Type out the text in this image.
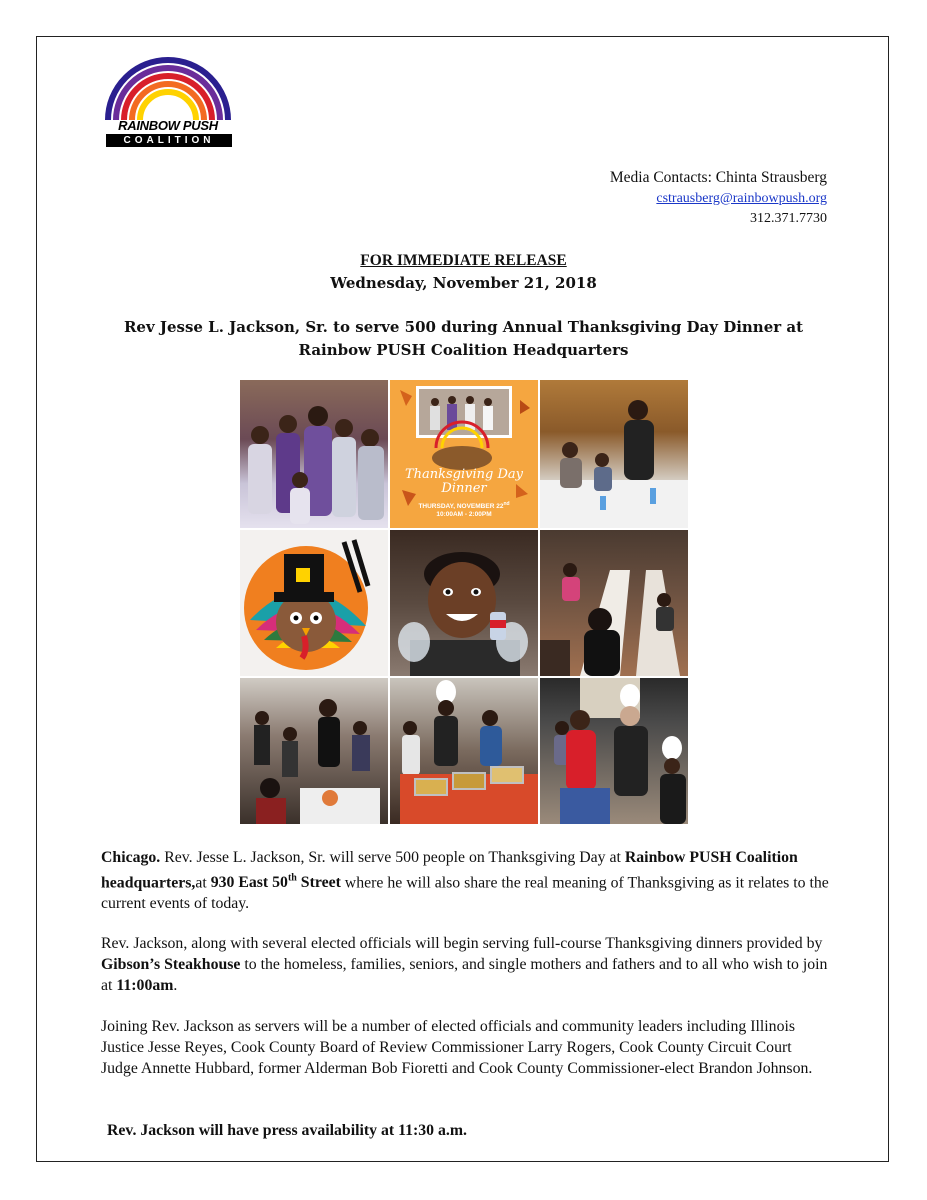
RAINBOW PUSH
COALITION
Media Contacts: Chinta Strausberg
cstrausberg@rainbowpush.org
312.371.7730
FOR IMMEDIATE RELEASE
Wednesday, November 21, 2018
Rev Jesse L. Jackson, Sr. to serve 500 during Annual Thanksgiving Day Dinner at
Rainbow PUSH Coalition Headquarters
Thanksgiving Day
Dinner
THURSDAY, NOVEMBER 22nd
10:00AM - 2:00PM
Chicago. Rev. Jesse L. Jackson, Sr. will serve 500 people on Thanksgiving Day at Rainbow PUSH Coalition headquarters,at 930 East 50th Street where he will also share the real meaning of Thanksgiving as it relates to the current events of today.
Rev. Jackson, along with several elected officials will begin serving full-course Thanksgiving dinners provided by Gibson’s Steakhouse to the homeless, families, seniors, and single mothers and fathers and to all who wish to join at 11:00am.
Joining Rev. Jackson as servers will be a number of elected officials and community leaders including Illinois Justice Jesse Reyes, Cook County Board of Review Commissioner Larry Rogers, Cook County Circuit Court Judge Annette Hubbard, former Alderman Bob Fioretti and Cook County Commissioner-elect Brandon Johnson.
Rev. Jackson will have press availability at 11:30 a.m.
